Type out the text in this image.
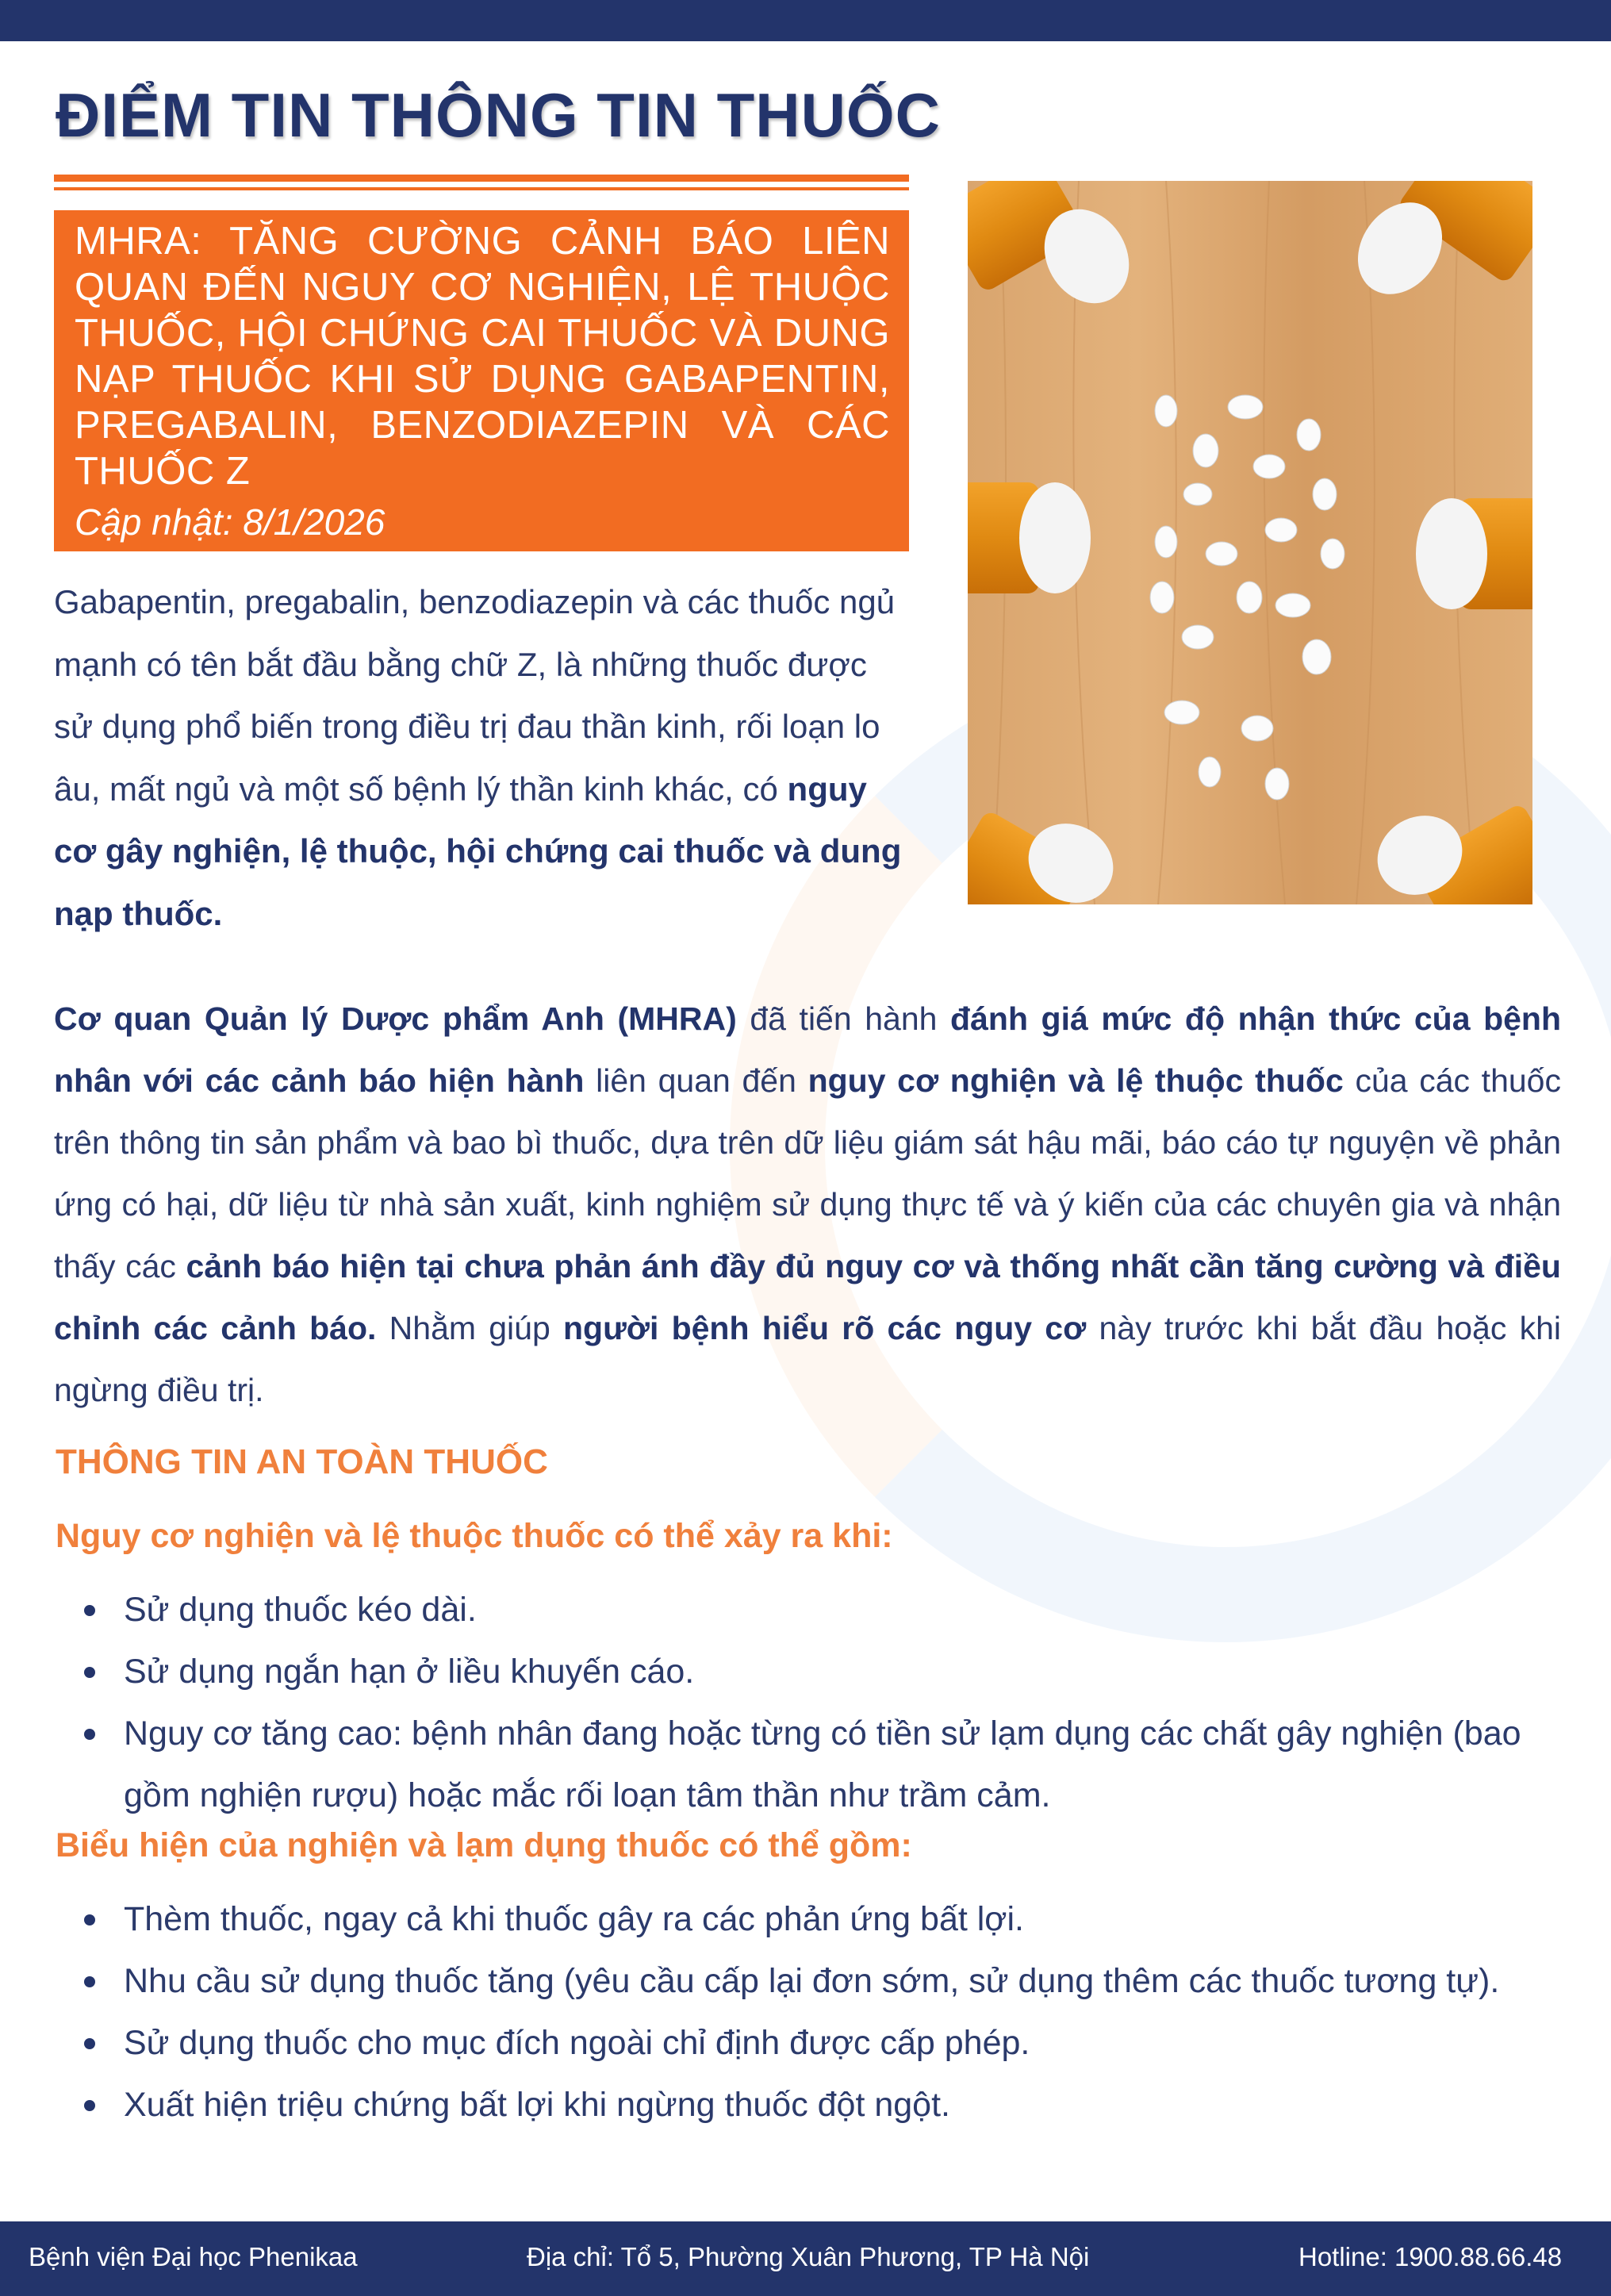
ĐIỂM TIN THÔNG TIN THUỐC
MHRA: TĂNG CƯỜNG CẢNH BÁO LIÊN QUAN ĐẾN NGUY CƠ NGHIỆN, LỆ THUỘC THUỐC, HỘI CHỨNG CAI THUỐC VÀ DUNG NẠP THUỐC KHI SỬ DỤNG GABAPENTIN, PREGABALIN, BENZODIAZEPIN VÀ CÁC THUỐC Z
Cập nhật: 8/1/2026

Gabapentin, pregabalin, benzodiazepin và các thuốc ngủ mạnh có tên bắt đầu bằng chữ Z, là những thuốc được sử dụng phổ biến trong điều trị đau thần kinh, rối loạn lo âu, mất ngủ và một số bệnh lý thần kinh khác, có nguy cơ gây nghiện, lệ thuộc, hội chứng cai thuốc và dung nạp thuốc.

Cơ quan Quản lý Dược phẩm Anh (MHRA) đã tiến hành đánh giá mức độ nhận thức của bệnh nhân với các cảnh báo hiện hành liên quan đến nguy cơ nghiện và lệ thuộc thuốc của các thuốc trên thông tin sản phẩm và bao bì thuốc, dựa trên dữ liệu giám sát hậu mãi, báo cáo tự nguyện về phản ứng có hại, dữ liệu từ nhà sản xuất, kinh nghiệm sử dụng thực tế và ý kiến của các chuyên gia và nhận thấy các cảnh báo hiện tại chưa phản ánh đầy đủ nguy cơ và thống nhất cần tăng cường và điều chỉnh các cảnh báo. Nhằm giúp người bệnh hiểu rõ các nguy cơ này trước khi bắt đầu hoặc khi ngừng điều trị.

THÔNG TIN AN TOÀN THUỐC
Nguy cơ nghiện và lệ thuộc thuốc có thể xảy ra khi:
Sử dụng thuốc kéo dài.
Sử dụng ngắn hạn ở liều khuyến cáo.
Nguy cơ tăng cao: bệnh nhân đang hoặc từng có tiền sử lạm dụng các chất gây nghiện (bao gồm nghiện rượu) hoặc mắc rối loạn tâm thần như trầm cảm.
Biểu hiện của nghiện và lạm dụng thuốc có thể gồm:
Thèm thuốc, ngay cả khi thuốc gây ra các phản ứng bất lợi.
Nhu cầu sử dụng thuốc tăng (yêu cầu cấp lại đơn sớm, sử dụng thêm các thuốc tương tự).
Sử dụng thuốc cho mục đích ngoài chỉ định được cấp phép.
Xuất hiện triệu chứng bất lợi khi ngừng thuốc đột ngột.
Bệnh viện Đại học Phenikaa	Địa chỉ: Tổ 5, Phường Xuân Phương, TP Hà Nội	Hotline: 1900.88.66.48
